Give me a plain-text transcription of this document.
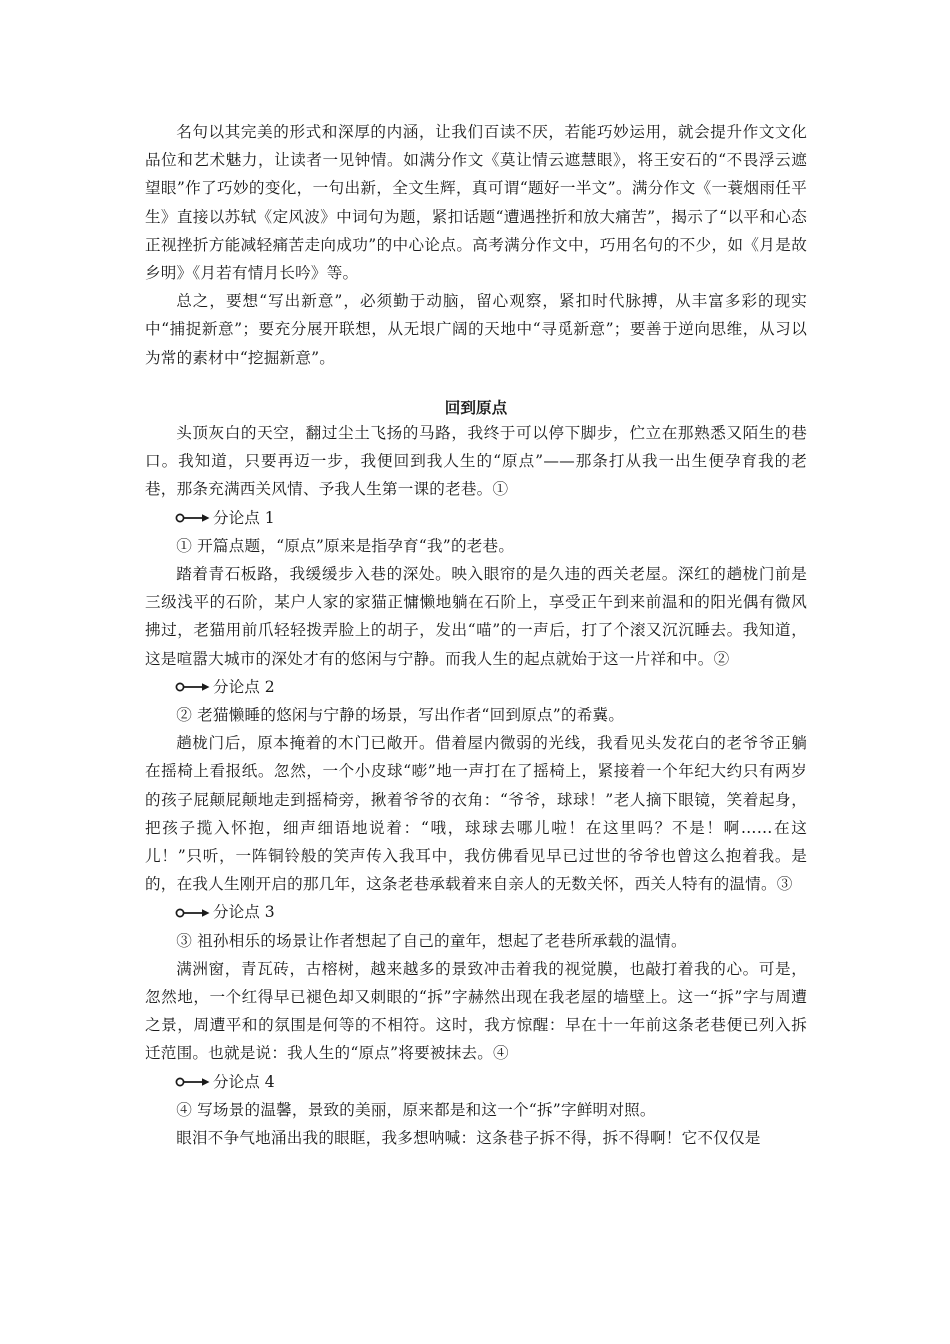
名句以其完美的形式和深厚的内涵，让我们百读不厌，若能巧妙运用，就会提升作文文化品位和艺术魅力，让读者一见钟情。如满分作文《莫让情云遮慧眼》，将王安石的“不畏浮云遮望眼”作了巧妙的变化，一句出新，全文生辉，真可谓“题好一半文”。满分作文《一蓑烟雨任平生》直接以苏轼《定风波》中词句为题，紧扣话题“遭遇挫折和放大痛苦”，揭示了“以平和心态正视挫折方能减轻痛苦走向成功”的中心论点。高考满分作文中，巧用名句的不少，如《月是故乡明》《月若有情月长吟》等。

总之，要想“写出新意”，必须勤于动脑，留心观察，紧扣时代脉搏，从丰富多彩的现实中“捕捉新意”；要充分展开联想，从无垠广阔的天地中“寻觅新意”；要善于逆向思维，从习以为常的素材中“挖掘新意”。

回到原点

头顶灰白的天空，翻过尘土飞扬的马路，我终于可以停下脚步，伫立在那熟悉又陌生的巷口。我知道，只要再迈一步，我便回到我人生的“原点”——那条打从我一出生便孕育我的老巷，那条充满西关风情、予我人生第一课的老巷。①

分论点 1

① 开篇点题，“原点”原来是指孕育“我”的老巷。

踏着青石板路，我缓缓步入巷的深处。映入眼帘的是久违的西关老屋。深红的趟栊门前是三级浅平的石阶，某户人家的家猫正慵懒地躺在石阶上，享受正午到来前温和的阳光偶有微风拂过，老猫用前爪轻轻拨弄脸上的胡子，发出“喵”的一声后，打了个滚又沉沉睡去。我知道，这是喧嚣大城市的深处才有的悠闲与宁静。而我人生的起点就始于这一片祥和中。②

分论点 2

② 老猫懒睡的悠闲与宁静的场景，写出作者“回到原点”的希冀。

趟栊门后，原本掩着的木门已敞开。借着屋内微弱的光线，我看见头发花白的老爷爷正躺在摇椅上看报纸。忽然，一个小皮球“嘭”地一声打在了摇椅上，紧接着一个年纪大约只有两岁的孩子屁颠屁颠地走到摇椅旁，揪着爷爷的衣角：“爷爷，球球！”老人摘下眼镜，笑着起身，把孩子揽入怀抱，细声细语地说着：“哦，球球去哪儿啦！在这里吗？不是！啊……在这儿！”只听，一阵铜铃般的笑声传入我耳中，我仿佛看见早已过世的爷爷也曾这么抱着我。是的，在我人生刚开启的那几年，这条老巷承载着来自亲人的无数关怀，西关人特有的温情。③

分论点 3

③ 祖孙相乐的场景让作者想起了自己的童年，想起了老巷所承载的温情。

满洲窗，青瓦砖，古榕树，越来越多的景致冲击着我的视觉膜，也敲打着我的心。可是，忽然地，一个红得早已褪色却又刺眼的“拆”字赫然出现在我老屋的墙壁上。这一“拆”字与周遭之景，周遭平和的氛围是何等的不相符。这时，我方惊醒：早在十一年前这条老巷便已列入拆迁范围。也就是说：我人生的“原点”将要被抹去。④

分论点 4

④ 写场景的温馨，景致的美丽，原来都是和这一个“拆”字鲜明对照。

眼泪不争气地涌出我的眼眶，我多想呐喊：这条巷子拆不得，拆不得啊！它不仅仅是
